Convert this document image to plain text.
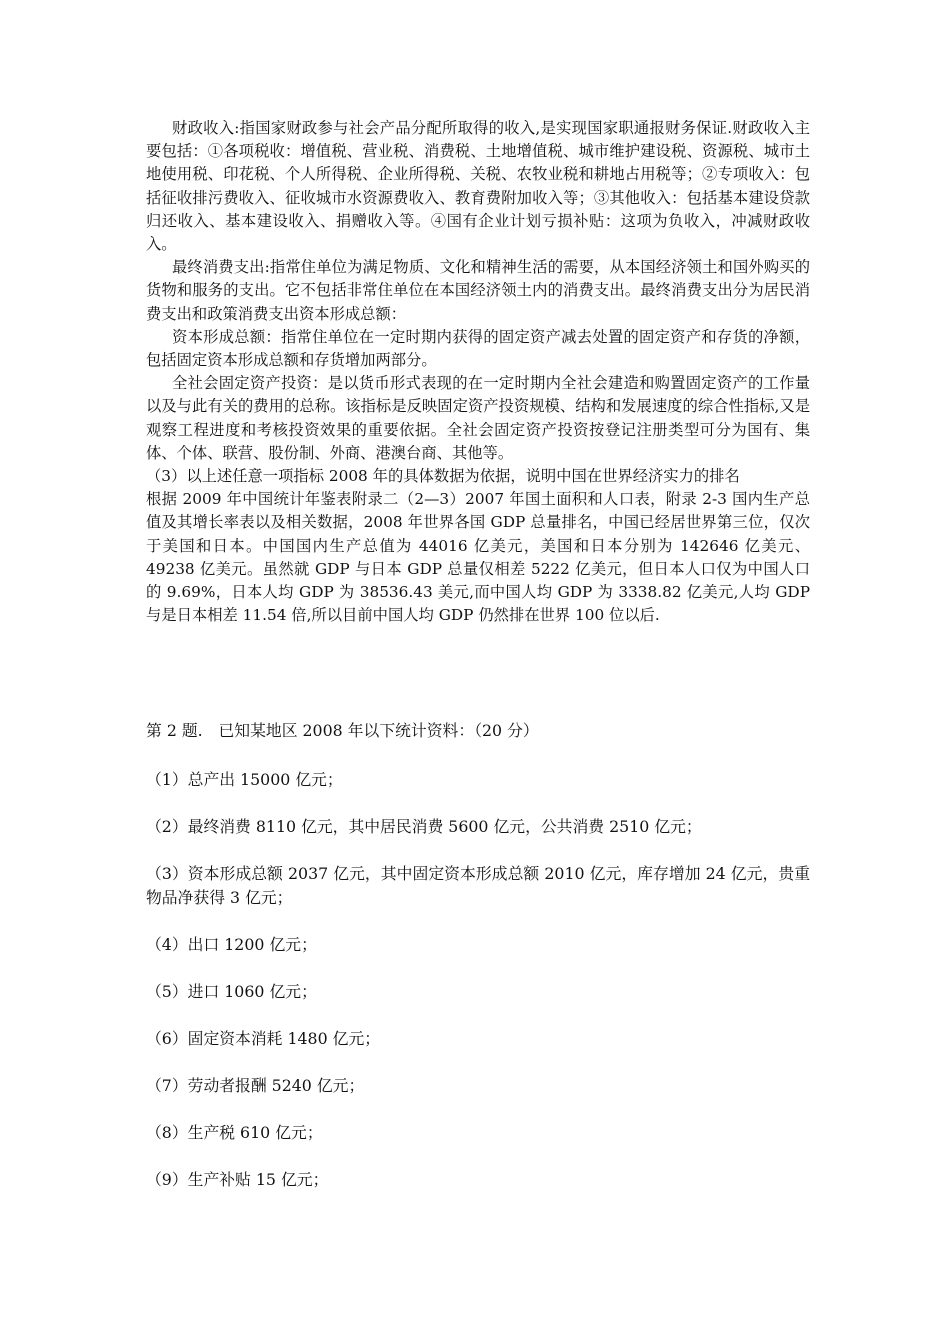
财政收入:指国家财政参与社会产品分配所取得的收入,是实现国家职通报财务保证.财政收入主要包括：①各项税收：增值税、营业税、消费税、土地增值税、城市维护建设税、资源税、城市土地使用税、印花税、个人所得税、企业所得税、关税、农牧业税和耕地占用税等；②专项收入：包括征收排污费收入、征收城市水资源费收入、教育费附加收入等；③其他收入：包括基本建设贷款归还收入、基本建设收入、捐赠收入等。④国有企业计划亏损补贴：这项为负收入，冲减财政收入。

最终消费支出:指常住单位为满足物质、文化和精神生活的需要，从本国经济领土和国外购买的货物和服务的支出。它不包括非常住单位在本国经济领土内的消费支出。最终消费支出分为居民消费支出和政策消费支出资本形成总额：

资本形成总额：指常住单位在一定时期内获得的固定资产减去处置的固定资产和存货的净额，包括固定资本形成总额和存货增加两部分。

全社会固定资产投资：是以货币形式表现的在一定时期内全社会建造和购置固定资产的工作量以及与此有关的费用的总称。该指标是反映固定资产投资规模、结构和发展速度的综合性指标,又是观察工程进度和考核投资效果的重要依据。全社会固定资产投资按登记注册类型可分为国有、集体、个体、联营、股份制、外商、港澳台商、其他等。

（3）以上述任意一项指标 2008 年的具体数据为依据，说明中国在世界经济实力的排名

根据 2009 年中国统计年鉴表附录二（2—3）2007 年国土面积和人口表，附录 2-3 国内生产总值及其增长率表以及相关数据，2008 年世界各国 GDP 总量排名，中国已经居世界第三位，仅次于美国和日本。中国国内生产总值为 44016 亿美元，美国和日本分别为 142646 亿美元、49238 亿美元。虽然就 GDP 与日本 GDP 总量仅相差 5222 亿美元，但日本人口仅为中国人口的 9.69%，日本人均 GDP 为 38536.43 美元,而中国人均 GDP 为 3338.82 亿美元,人均 GDP 与是日本相差 11.54 倍,所以目前中国人均 GDP 仍然排在世界 100 位以后.

第 2 题.　已知某地区 2008 年以下统计资料：（20 分）

（1）总产出 15000 亿元；
（2）最终消费 8110 亿元，其中居民消费 5600 亿元，公共消费 2510 亿元；
（3）资本形成总额 2037 亿元，其中固定资本形成总额 2010 亿元，库存增加 24 亿元，贵重物品净获得 3 亿元；
（4）出口 1200 亿元；
（5）进口 1060 亿元；
（6）固定资本消耗 1480 亿元；
（7）劳动者报酬 5240 亿元；
（8）生产税 610 亿元；
（9）生产补贴 15 亿元；
